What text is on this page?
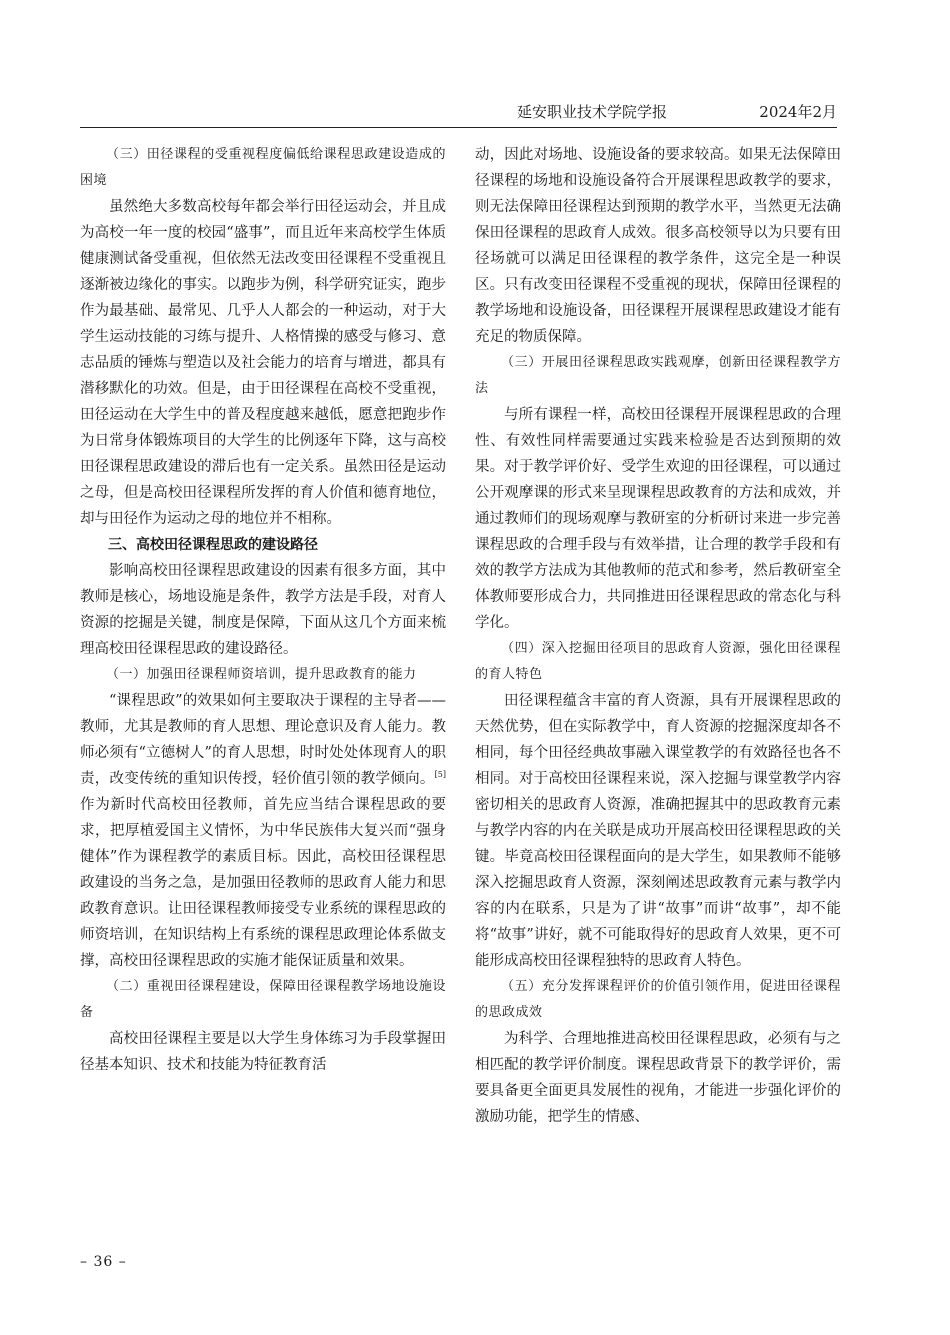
延安职业技术学院学报	2024年2月
（三）田径课程的受重视程度偏低给课程思政建设造成的困境

虽然绝大多数高校每年都会举行田径运动会，并且成为高校一年一度的校园“盛事”，而且近年来高校学生体质健康测试备受重视，但依然无法改变田径课程不受重视且逐渐被边缘化的事实。以跑步为例，科学研究证实，跑步作为最基础、最常见、几乎人人都会的一种运动，对于大学生运动技能的习练与提升、人格情操的感受与修习、意志品质的锤炼与塑造以及社会能力的培育与增进，都具有潜移默化的功效。但是，由于田径课程在高校不受重视，田径运动在大学生中的普及程度越来越低，愿意把跑步作为日常身体锻炼项目的大学生的比例逐年下降，这与高校田径课程思政建设的滞后也有一定关系。虽然田径是运动之母，但是高校田径课程所发挥的育人价值和德育地位，却与田径作为运动之母的地位并不相称。

三、高校田径课程思政的建设路径

影响高校田径课程思政建设的因素有很多方面，其中教师是核心，场地设施是条件，教学方法是手段，对育人资源的挖掘是关键，制度是保障，下面从这几个方面来梳理高校田径课程思政的建设路径。

（一）加强田径课程师资培训，提升思政教育的能力

“课程思政”的效果如何主要取决于课程的主导者——教师，尤其是教师的育人思想、理论意识及育人能力。教师必须有“立德树人”的育人思想，时时处处体现育人的职责，改变传统的重知识传授，轻价值引领的教学倾向。[5]作为新时代高校田径教师，首先应当结合课程思政的要求，把厚植爱国主义情怀，为中华民族伟大复兴而“强身健体”作为课程教学的素质目标。因此，高校田径课程思政建设的当务之急，是加强田径教师的思政育人能力和思政教育意识。让田径课程教师接受专业系统的课程思政的师资培训，在知识结构上有系统的课程思政理论体系做支撑，高校田径课程思政的实施才能保证质量和效果。

（二）重视田径课程建设，保障田径课程教学场地设施设备

高校田径课程主要是以大学生身体练习为手段掌握田径基本知识、技术和技能为特征教育活

动，因此对场地、设施设备的要求较高。如果无法保障田径课程的场地和设施设备符合开展课程思政教学的要求，则无法保障田径课程达到预期的教学水平，当然更无法确保田径课程的思政育人成效。很多高校领导以为只要有田径场就可以满足田径课程的教学条件，这完全是一种误区。只有改变田径课程不受重视的现状，保障田径课程的教学场地和设施设备，田径课程开展课程思政建设才能有充足的物质保障。

（三）开展田径课程思政实践观摩，创新田径课程教学方法

与所有课程一样，高校田径课程开展课程思政的合理性、有效性同样需要通过实践来检验是否达到预期的效果。对于教学评价好、受学生欢迎的田径课程，可以通过公开观摩课的形式来呈现课程思政教育的方法和成效，并通过教师们的现场观摩与教研室的分析研讨来进一步完善课程思政的合理手段与有效举措，让合理的教学手段和有效的教学方法成为其他教师的范式和参考，然后教研室全体教师要形成合力，共同推进田径课程思政的常态化与科学化。

（四）深入挖掘田径项目的思政育人资源，强化田径课程的育人特色

田径课程蕴含丰富的育人资源，具有开展课程思政的天然优势，但在实际教学中，育人资源的挖掘深度却各不相同，每个田径经典故事融入课堂教学的有效路径也各不相同。对于高校田径课程来说，深入挖掘与课堂教学内容密切相关的思政育人资源，准确把握其中的思政教育元素与教学内容的内在关联是成功开展高校田径课程思政的关键。毕竟高校田径课程面向的是大学生，如果教师不能够深入挖掘思政育人资源，深刻阐述思政教育元素与教学内容的内在联系，只是为了讲“故事”而讲“故事”，却不能将“故事”讲好，就不可能取得好的思政育人效果，更不可能形成高校田径课程独特的思政育人特色。

（五）充分发挥课程评价的价值引领作用，促进田径课程的思政成效

为科学、合理地推进高校田径课程思政，必须有与之相匹配的教学评价制度。课程思政背景下的教学评价，需要具备更全面更具发展性的视角，才能进一步强化评价的激励功能，把学生的情感、

– 36 –
